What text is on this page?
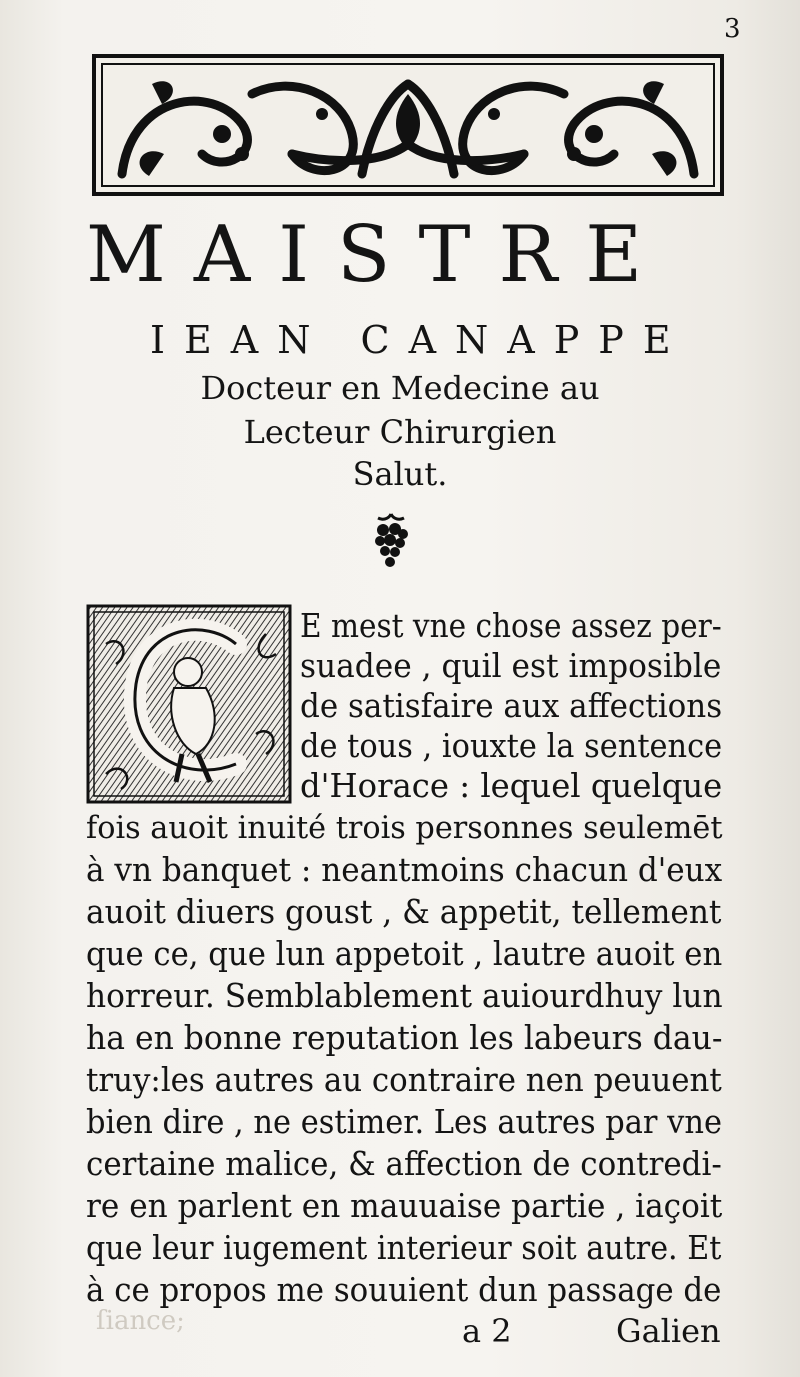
3
MAISTRE
IEAN CANAPPE
Docteur en Medecine au
Lecteur Chirurgien
Salut.
E mest vne chose assez per-
suadee , quil est imposible
de satisfaire aux affections
de tous , iouxte la sentence
d'Horace : lequel quelque
fois auoit inuité trois personnes seulemēt
à vn banquet : neantmoins chacun d'eux
auoit diuers goust , & appetit, tellement
que ce, que lun appetoit , lautre auoit en
horreur. Semblablement auiourdhuy lun
ha en bonne reputation les labeurs dau-
truy:les autres au contraire nen peuuent
bien dire , ne estimer. Les autres par vne
certaine malice, & affection de contredi-
re en parlent en mauuaise partie , iaçoit
que leur iugement interieur soit autre. Et
à ce propos me souuient dun passage de
ſiance;	a 2	Galien
